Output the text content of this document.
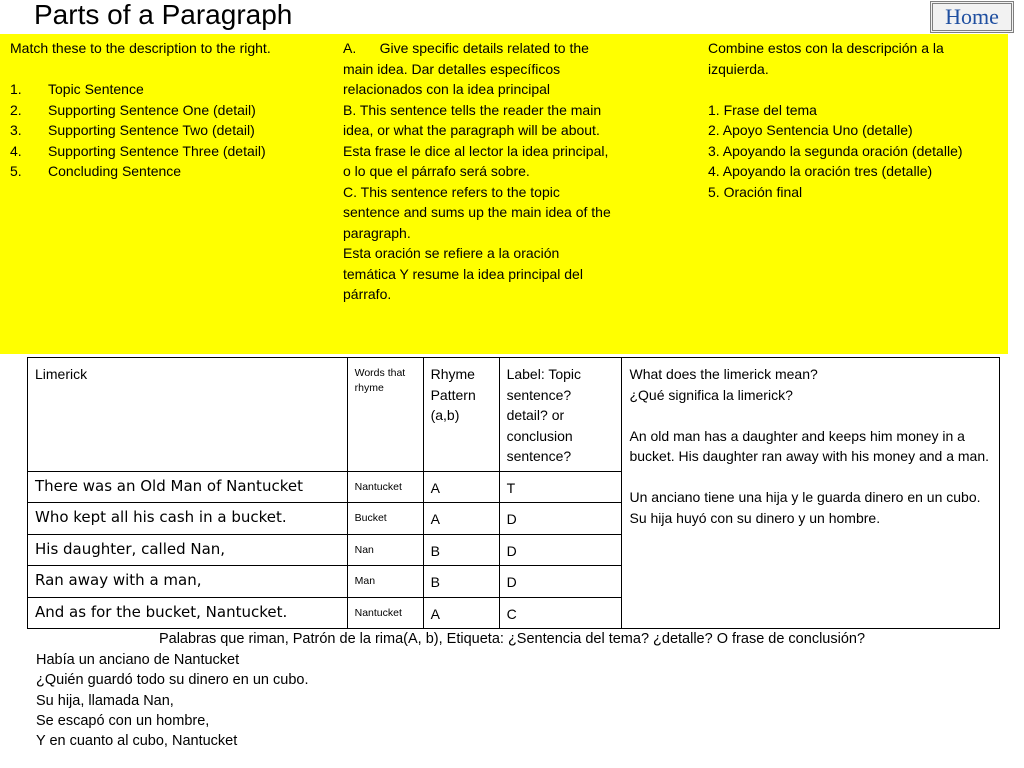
Parts of a Paragraph	Home
Match these to the description to the right.
1. Topic Sentence
2. Supporting Sentence One (detail)
3. Supporting Sentence Two (detail)
4. Supporting Sentence Three (detail)
5. Concluding Sentence
A. Give specific details related to the main idea. Dar detalles específicos relacionados con la idea principal
B. This sentence tells the reader the main idea, or what the paragraph will be about. Esta frase le dice al lector la idea principal, o lo que el párrafo será sobre.
C. This sentence refers to the topic sentence and sums up the main idea of the paragraph.
Esta oración se refiere a la oración temática Y resume la idea principal del párrafo.
Combine estos con la descripción a la izquierda.
1. Frase del tema
2. Apoyo Sentencia Uno (detalle)
3. Apoyando la segunda oración (detalle)
4. Apoyando la oración tres (detalle)
5. Oración final
Limerick	Words that rhyme	Rhyme Pattern (a,b)	Label: Topic sentence? detail? or conclusion sentence?	What does the limerick mean?

¿Qué significa la limerick?

An old man has a daughter and keeps him money in a bucket. His daughter ran away with his money and a man.

Un anciano tiene una hija y le guarda dinero en un cubo. Su hija huyó con su dinero y un hombre.

There was an Old Man of Nantucket	Nantucket	A	T	
Who kept all his cash in a bucket.	Bucket	A	D	
His daughter, called Nan,	Nan	B	D	
Ran away with a man,	Man	B	D	
And as for the bucket, Nantucket.	Nantucket	A	C	
Palabras que riman, Patrón de la rima(A, b), Etiqueta: ¿Sentencia del tema? ¿detalle? O frase de conclusión?
Había un anciano de Nantucket
¿Quién guardó todo su dinero en un cubo.
Su hija, llamada Nan,
Se escapó con un hombre,
Y en cuanto al cubo, Nantucket
